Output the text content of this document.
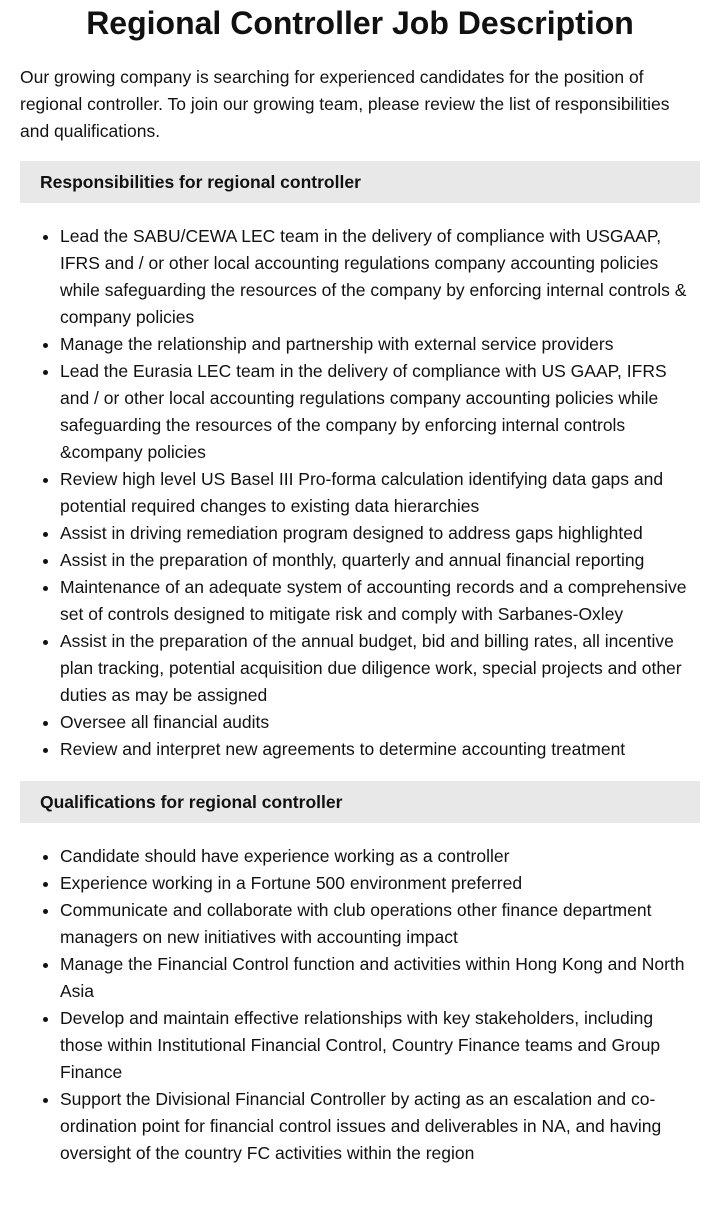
Regional Controller Job Description

Our growing company is searching for experienced candidates for the position of regional controller. To join our growing team, please review the list of responsibilities and qualifications.

Responsibilities for regional controller
• Lead the SABU/CEWA LEC team in the delivery of compliance with USGAAP, IFRS and / or other local accounting regulations company accounting policies while safeguarding the resources of the company by enforcing internal controls & company policies
• Manage the relationship and partnership with external service providers
• Lead the Eurasia LEC team in the delivery of compliance with US GAAP, IFRS and / or other local accounting regulations company accounting policies while safeguarding the resources of the company by enforcing internal controls &company policies
• Review high level US Basel III Pro-forma calculation identifying data gaps and potential required changes to existing data hierarchies
• Assist in driving remediation program designed to address gaps highlighted
• Assist in the preparation of monthly, quarterly and annual financial reporting
• Maintenance of an adequate system of accounting records and a comprehensive set of controls designed to mitigate risk and comply with Sarbanes-Oxley
• Assist in the preparation of the annual budget, bid and billing rates, all incentive plan tracking, potential acquisition due diligence work, special projects and other duties as may be assigned
• Oversee all financial audits
• Review and interpret new agreements to determine accounting treatment
Qualifications for regional controller
• Candidate should have experience working as a controller
• Experience working in a Fortune 500 environment preferred
• Communicate and collaborate with club operations other finance department managers on new initiatives with accounting impact
• Manage the Financial Control function and activities within Hong Kong and North Asia
• Develop and maintain effective relationships with key stakeholders, including those within Institutional Financial Control, Country Finance teams and Group Finance
• Support the Divisional Financial Controller by acting as an escalation and co-ordination point for financial control issues and deliverables in NA, and having oversight of the country FC activities within the region
